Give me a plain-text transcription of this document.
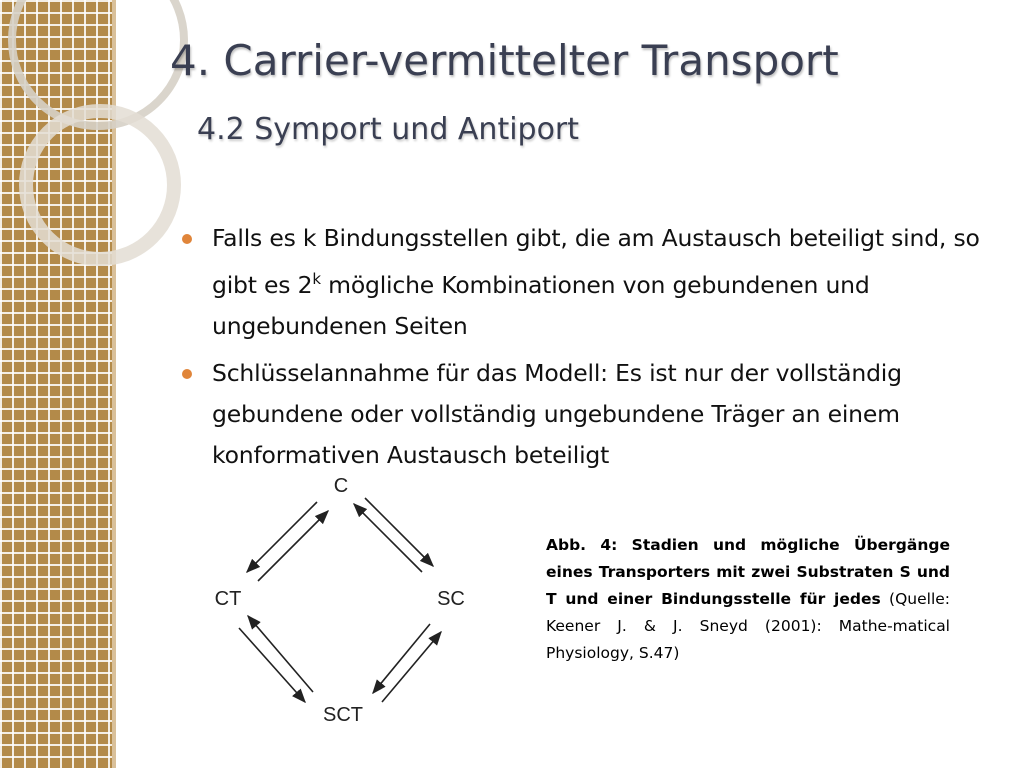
4. Carrier-vermittelter Transport
4.2 Symport und Antiport
Falls es k Bindungsstellen gibt, die am Austausch beteiligt sind, so gibt es 2$^k$ mögliche Kombinationen von gebundenen und ungebundenen Seiten
Schlüsselannahme für das Modell: Es ist nur der vollständig gebundene oder vollständig ungebundene Träger an einem konformativen Austausch beteiligt
C
CT	SC
SCT
Abb. 4: Stadien und mögliche Übergänge eines Transporters mit zwei Substraten S und T und einer Bindungsstelle für jedes (Quelle: Keener J. & J. Sneyd (2001): Mathe-matical Physiology, S.47)
